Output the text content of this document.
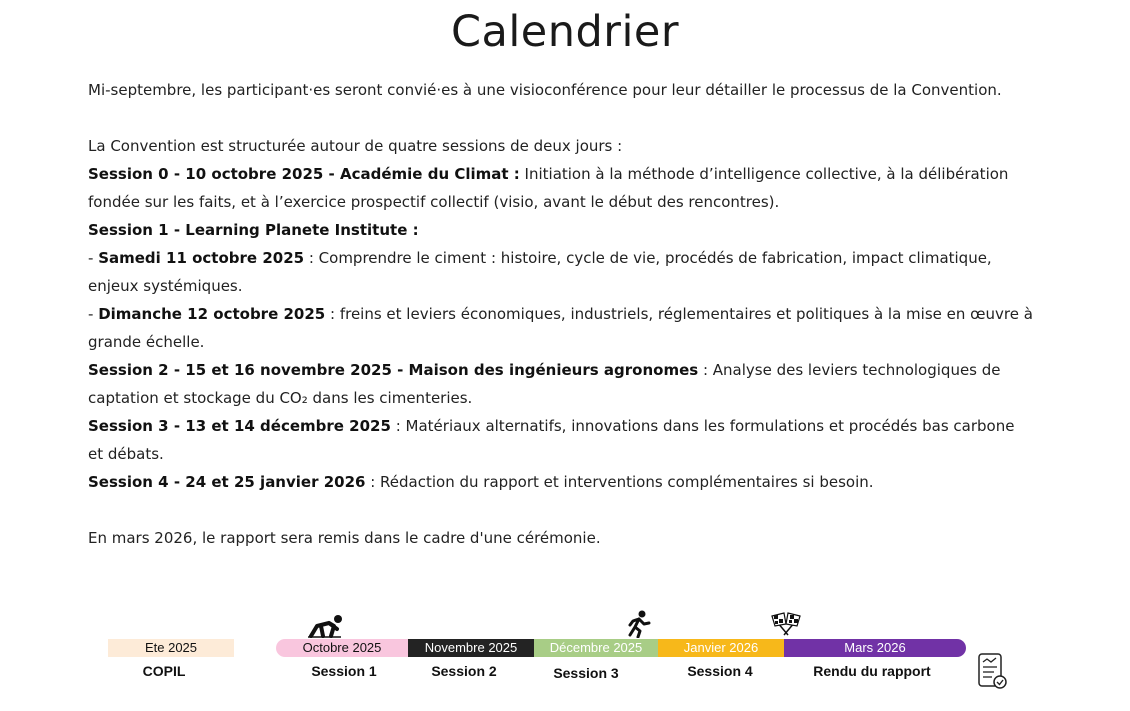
Calendrier

Mi-septembre, les participant·es seront convié·es à une visioconférence pour leur détailler le processus de la Convention.

La Convention est structurée autour de quatre sessions de deux jours :

Session 0 - 10 octobre 2025 - Académie du Climat : Initiation à la méthode d’intelligence collective, à la délibération fondée sur les faits, et à l’exercice prospectif collectif (visio, avant le début des rencontres).

Session 1 - Learning Planete Institute :

- Samedi 11 octobre 2025 : Comprendre le ciment : histoire, cycle de vie, procédés de fabrication, impact climatique, enjeux systémiques.

- Dimanche 12 octobre 2025 : freins et leviers économiques, industriels, réglementaires et politiques à la mise en œuvre à grande échelle.

Session 2 - 15 et 16 novembre 2025 - Maison des ingénieurs agronomes : Analyse des leviers technologiques de captation et stockage du CO₂ dans les cimenteries.

Session 3 - 13 et 14 décembre 2025 : Matériaux alternatifs, innovations dans les formulations et procédés bas carbone et débats.

Session 4 - 24 et 25 janvier 2026 : Rédaction du rapport et interventions complémentaires si besoin.

En mars 2026, le rapport sera remis dans le cadre d'une cérémonie.

Ete 2025	Octobre 2025	Novembre 2025	Décembre 2025	Janvier 2026	Mars 2026
COPIL	Session 1	Session 2	Session 3	Session 4	Rendu du rapport
